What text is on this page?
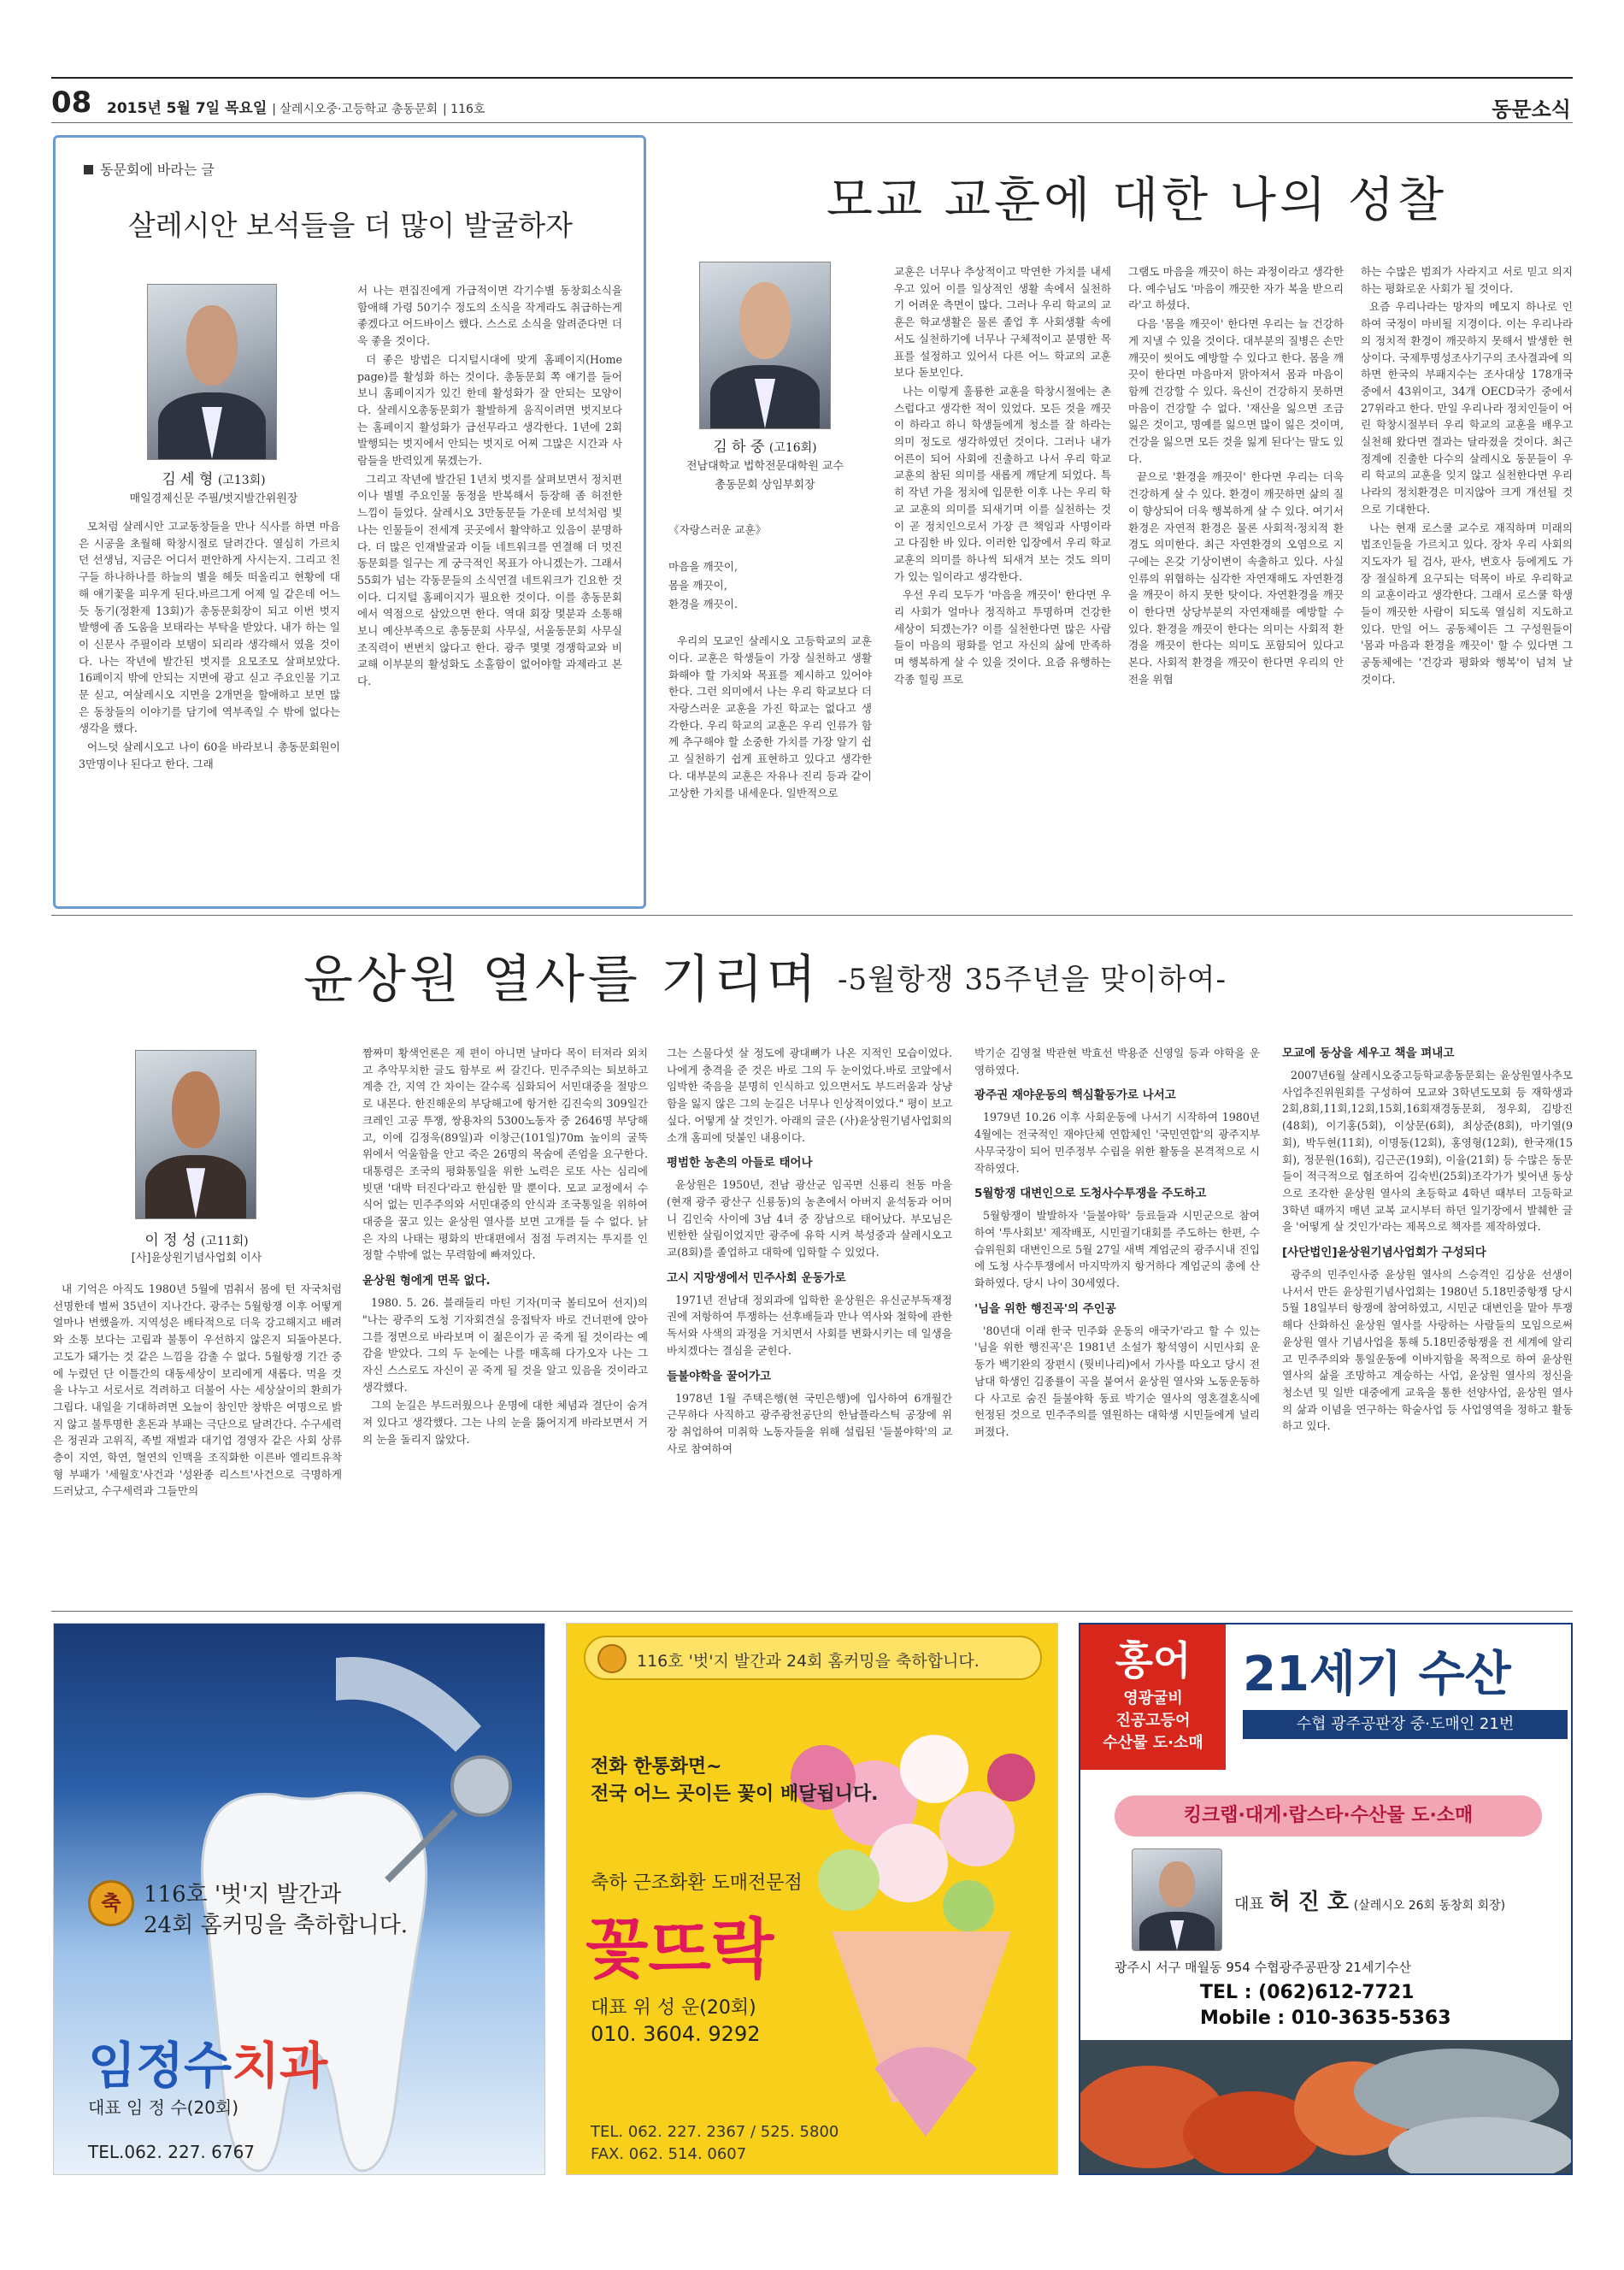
08 2015년 5월 7일 목요일 | 살레시오중·고등학교 총동문회 | 116호	동문소식
동문회에 바라는 글
살레시안 보석들을 더 많이 발굴하자
김 세 형 (고13회)
매일경제신문 주필/벗지발간위원장

모처럼 살레시안 고교동창들을 만나 식사를 하면 마음은 시공을 초월해 학창시절로 달려간다. 열심히 가르치던 선생님, 지금은 어디서 편안하게 사시는지. 그리고 친구들 하나하나를 하늘의 별을 헤듯 떠올리고 현황에 대해 얘기꽃을 피우게 된다.바르그게 어제 일 같은데 어느듯 동기(정환제 13회)가 총동문회장이 되고 이번 벗지 발행에 좀 도움을 보태라는 부탁을 받았다. 내가 하는 일이 신문사 주필이라 보탬이 되리라 생각해서 였을 것이다. 나는 작년에 발간된 벗지를 요모조모 살펴보았다. 16페이지 밖에 안되는 지면에 광고 싣고 주요인물 기고문 싣고, 여살레시오 지면을 2개면을 할애하고 보면 많은 동창들의 이야기를 담기에 역부족일 수 밖에 없다는 생각을 했다.

어느덧 살레시오고 나이 60을 바라보니 총동문회원이 3만명이나 된다고 한다. 그래

서 나는 편집진에게 가급적이면 각기수별 동창회소식을 함애해 가령 50기수 정도의 소식을 작게라도 취급하는게 좋겠다고 어드바이스 했다. 스스로 소식을 알려준다면 더욱 좋을 것이다.

더 좋은 방법은 디지털시대에 맞게 홈페이지(Home page)를 활성화 하는 것이다. 총동문회 쪽 얘기를 들어보니 홈페이지가 있긴 한데 활성화가 잘 안되는 모양이다. 살레시오총동문회가 활발하게 움직이려면 벗지보다는 홈페이지 활성화가 급선무라고 생각한다. 1년에 2회 발행되는 벗지에서 안되는 벗지로 어찌 그많은 시간과 사람들을 반력있게 묶겠는가.

그리고 작년에 발간된 1년치 벗지를 살펴보면서 정치편이나 별별 주요인물 동정을 반복해서 등장해 좀 허전한 느낌이 들었다. 살레시오 3만동문들 가운데 보석처럼 빛나는 인물들이 전세계 곳곳에서 활약하고 있음이 분명하다. 더 많은 인재발굴과 이들 네트워크를 연결해 더 멋진 동문회를 일구는 게 궁극적인 목표가 아니겠는가. 그래서 55회가 넘는 각동문들의 소식연결 네트워크가 긴요한 것이다. 디지털 홈페이지가 필요한 것이다. 이를 총동문회에서 역점으로 삼았으면 한다. 역대 회장 몇분과 소통해보니 예산부족으로 총동문회 사무실, 서울동문회 사무실 조직력이 변변치 않다고 한다. 광주 몇몇 경쟁학교와 비교해 이부분의 활성화도 소홀함이 없어야할 과제라고 본다.

모교 교훈에 대한 나의 성찰
김 하 중 (고16회)
전남대학교 법학전문대학원 교수
총동문회 상임부회장

《자랑스러운 교훈》

마음을 깨끗이,

몸을 깨끗이,

환경을 깨끗이.

우리의 모교인 살레시오 고등학교의 교훈이다. 교훈은 학생들이 가장 실천하고 생활화해야 할 가치와 목표를 제시하고 있어야 한다. 그런 의미에서 나는 우리 학교보다 더 자랑스러운 교훈을 가진 학교는 없다고 생각한다. 우리 학교의 교훈은 우리 인류가 함께 추구해야 할 소중한 가치를 가장 알기 쉽고 실천하기 쉽게 표현하고 있다고 생각한다. 대부분의 교훈은 자유나 진리 등과 같이 고상한 가치를 내세운다. 일반적으로

교훈은 너무나 추상적이고 막연한 가치를 내세우고 있어 이를 일상적인 생활 속에서 실천하기 어려운 측면이 많다. 그러나 우리 학교의 교훈은 학교생활은 물론 졸업 후 사회생활 속에서도 실천하기에 너무나 구체적이고 분명한 목표를 설정하고 있어서 다른 어느 학교의 교훈보다 돋보인다.

나는 이렇게 훌륭한 교훈을 학창시절에는 촌스럽다고 생각한 적이 있었다. 모든 것을 깨끗이 하라고 하니 학생들에게 청소를 잘 하라는 의미 정도로 생각하였던 것이다. 그러나 내가 어른이 되어 사회에 진출하고 나서 우리 학교 교훈의 참된 의미를 새롭게 깨닫게 되었다. 특히 작년 가을 정치에 입문한 이후 나는 우리 학교 교훈의 의미를 되새기며 이를 실천하는 것이 곧 정치인으로서 가장 큰 책임과 사명이라고 다짐한 바 있다. 이러한 입장에서 우리 학교 교훈의 의미를 하나씩 되새겨 보는 것도 의미가 있는 일이라고 생각한다.

우선 우리 모두가 '마음을 깨끗이' 한다면 우리 사회가 얼마나 정직하고 투명하며 건강한 세상이 되겠는가? 이를 실천한다면 많은 사람들이 마음의 평화를 얻고 자신의 삶에 만족하며 행복하게 살 수 있을 것이다. 요즘 유행하는 각종 힐링 프로

그램도 마음을 깨끗이 하는 과정이라고 생각한다. 예수님도 '마음이 깨끗한 자가 복을 받으리라'고 하셨다.

다음 '몸을 깨끗이' 한다면 우리는 늘 건강하게 지낼 수 있을 것이다. 대부분의 질병은 손만 깨끗이 씻어도 예방할 수 있다고 한다. 몸을 깨끗이 한다면 마음마저 맑아져서 몸과 마음이 함께 건강할 수 있다. 육신이 건강하지 못하면 마음이 건강할 수 없다. '재산을 잃으면 조금 잃은 것이고, 명예를 잃으면 많이 잃은 것이며, 건강을 잃으면 모든 것을 잃게 된다'는 말도 있다.

끝으로 '환경을 깨끗이' 한다면 우리는 더욱 건강하게 살 수 있다. 환경이 깨끗하면 삶의 질이 향상되어 더욱 행복하게 살 수 있다. 여기서 환경은 자연적 환경은 물론 사회적·정치적 환경도 의미한다. 최근 자연환경의 오염으로 지구에는 온갖 기상이변이 속출하고 있다. 사실 인류의 위협하는 심각한 자연재해도 자연환경을 깨끗이 하지 못한 탓이다. 자연환경을 깨끗이 한다면 상당부분의 자연재해를 예방할 수 있다. 환경을 깨끗이 한다는 의미는 사회적 환경을 깨끗이 한다는 의미도 포함되어 있다고 본다. 사회적 환경을 깨끗이 한다면 우리의 안전을 위협

하는 수많은 범죄가 사라지고 서로 믿고 의지하는 평화로운 사회가 될 것이다.

요즘 우리나라는 망자의 메모지 하나로 인하여 국정이 마비될 지경이다. 이는 우리나라의 정치적 환경이 깨끗하지 못해서 발생한 현상이다. 국제투명성조사기구의 조사결과에 의하면 한국의 부패지수는 조사대상 178개국 중에서 43위이고, 34개 OECD국가 중에서 27위라고 한다. 만일 우리나라 정치인들이 어린 학창시절부터 우리 학교의 교훈을 배우고 실천해 왔다면 결과는 달라졌을 것이다. 최근 정계에 진출한 다수의 살레시오 동문들이 우리 학교의 교훈을 잊지 않고 실천한다면 우리 나라의 정치환경은 미지않아 크게 개선될 것으로 기대한다.

나는 현재 로스쿨 교수로 재직하며 미래의 법조인들을 가르치고 있다. 장차 우리 사회의 지도자가 될 검사, 판사, 변호사 등에게도 가장 절실하게 요구되는 덕목이 바로 우리학교의 교훈이라고 생각한다. 그래서 로스쿨 학생들이 깨끗한 사람이 되도록 열심히 지도하고 있다. 만일 어느 공동체이든 그 구성원들이 '몸과 마음과 환경을 깨끗이' 할 수 있다면 그 공동체에는 '건강과 평화와 행복'이 넘쳐 날 것이다.

윤상원 열사를 기리며 -5월항쟁 35주년을 맞이하여-
이 정 성 (고11회)
[사]윤상원기념사업회 이사

내 기억은 아직도 1980년 5월에 멈춰서 몸에 턴 자국처럼 선명한데 벌써 35년이 지나간다. 광주는 5월항쟁 이후 어떻게 얼마나 변했을까. 지역성은 배타적으로 더욱 강고해지고 배려와 소통 보다는 고립과 불통이 우선하지 않은지 되돌아본다. 고도가 돼가는 것 같은 느낌을 감출 수 없다. 5월항쟁 기간 중에 누렸던 단 이틀간의 대동세상이 보리에게 새롭다. 먹을 것을 나누고 서로서로 격려하고 더불어 사는 세상살이의 환희가 그립다. 내일을 기대하려면 오늘이 참인만 창밖은 여명으로 밝지 않고 불투명한 혼돈과 부패는 극단으로 달려간다. 수구세력은 정권과 고위직, 족벌 재벌과 대기업 경영자 같은 사회 상류층이 지연, 학연, 혈연의 인맥을 조직화한 이른바 엘리트유착형 부패가 '세월호'사건과 '성완종 리스트'사건으로 극명하게 드러났고, 수구세력과 그들만의

짬짜미 황색언론은 제 편이 아니면 날마다 목이 터져라 외치고 추악무치한 글도 함부로 써 갈긴다. 민주주의는 퇴보하고 계층 간, 지역 간 차이는 갈수록 심화되어 서민대중을 절망으로 내몬다. 한진해운의 부당해고에 항거한 김진숙의 309일간 크레인 고공 투쟁, 쌍용차의 5300노동자 중 2646명 부당해고, 이에 김정욱(89일)과 이창근(101일)70m 높이의 굴뚝 위에서 억울함을 안고 죽은 26명의 목숨에 존엄을 요구한다. 대통령은 조국의 평화통일을 위한 노력은 로또 사는 심리에 빗댄 '대박 터진다'라고 한심한 말 뿐이다. 모교 교정에서 수식어 없는 민주주의와 서민대중의 안식과 조국통일을 위하여 대중을 꿈고 있는 윤상원 열사를 보면 고개를 들 수 없다. 낡은 자의 나태는 평화의 반대편에서 점점 두려지는 투지를 인정할 수밖에 없는 무력함에 빠져있다.

윤상원 형에게 면목 없다.

1980. 5. 26. 블래들리 마틴 기자(미국 볼티모어 선지)의 "나는 광주의 도청 기자회견실 응접탁자 바로 건너편에 앉아 그를 정면으로 바라보며 이 젊은이가 곧 죽게 될 것이라는 예감을 받았다. 그의 두 눈에는 나를 매혹해 다가오자 나는 그 자신 스스로도 자신이 곧 죽게 될 것을 알고 있음을 것이라고 생각했다.

그의 눈길은 부드러웠으나 운명에 대한 체념과 결단이 숨겨져 있다고 생각했다. 그는 나의 눈을 뚫어지게 바라보면서 거의 눈을 돌리지 않았다.

그는 스물다섯 살 정도에 광대뼈가 나온 지적인 모습이었다. 나에게 충격을 준 것은 바로 그의 두 눈이었다.바로 코앞에서 임박한 죽음을 분명히 인식하고 있으면서도 부드러움과 상냥함을 잃지 않은 그의 눈길은 너무나 인상적이었다." 평이 보고 싶다. 어떻게 살 것인가. 아래의 글은 (사)윤상원기념사업회의 소개 홈피에 덧붙인 내용이다.

평범한 농촌의 아들로 태어나

윤상원은 1950년, 전남 광산군 임곡면 신룡리 천동 마을 (현재 광주 광산구 신룡동)의 농촌에서 아버지 윤석동과 어머니 김인숙 사이에 3남 4녀 중 장남으로 태어났다. 부모님은 빈한한 살림이었지만 광주에 유학 시켜 북성중과 살레시오고교(8회)를 졸업하고 대학에 입학할 수 있었다.

고시 지망생에서 민주사회 운동가로

1971년 전남대 정외과에 입학한 윤상원은 유신군부독재정권에 저항하여 투쟁하는 선후배들과 만나 역사와 철학에 관한 독서와 사색의 과정을 거치면서 사회를 변화시키는 데 일생을 바치겠다는 결심을 굳힌다.

들불야학을 꿀어가고

1978년 1월 주택은행(현 국민은행)에 입사하여 6개월간 근무하다 사직하고 광주광천공단의 한남플라스틱 공장에 위장 취업하여 미취학 노동자들을 위해 설립된 '들불야학'의 교사로 참여하여

박기순 김영철 박관현 박효선 박용준 신영일 등과 야학을 운영하였다.

광주권 재야운동의 핵심활동가로 나서고

1979년 10.26 이후 사회운동에 나서기 시작하여 1980년 4월에는 전국적인 재야단체 연합체인 '국민연합'의 광주지부 사무국장이 되어 민주정부 수립을 위한 활동을 본격적으로 시작하였다.

5월항쟁 대변인으로 도청사수투쟁을 주도하고

5월항쟁이 발발하자 '들불야학' 등료들과 시민군으로 참여하여 '투사회보' 제작배포, 시민궐기대회를 주도하는 한편, 수습위원회 대변인으로 5월 27일 새벽 계엄군의 광주시내 진입에 도청 사수투쟁에서 마지막까지 항거하다 계엄군의 총에 산화하였다. 당시 나이 30세였다.

'님을 위한 행진곡'의 주인공

'80년대 이래 한국 민주화 운동의 애국가'라고 할 수 있는 '님을 위한 행진곡'은 1981년 소설가 황석영이 시민사회 운동가 백기완의 장편시 (뭣비나리)에서 가사를 따오고 당시 전남대 학생인 김종률이 곡을 붙여서 윤상원 열사와 노동운동하다 사고로 숨진 들불야학 동료 박기순 열사의 영혼결혼식에 헌정된 것으로 민주주의를 열원하는 대학생 시민들에게 널리 퍼졌다.

모교에 동상을 세우고 책을 펴내고

2007년6월 살레시오중고등학교총동문회는 윤상원열사추모사업추진위원회를 구성하여 모교와 3학년도모회 등 재학생과 2회,8회,11회,12회,15회,16회재경동문회, 정우회, 김방진(48회), 이기홍(5회), 이상문(6회), 최상준(8회), 마기열(9회), 박두현(11회), 이명동(12회), 홍영형(12회), 한국재(15회), 정문원(16회), 김근곤(19회), 이율(21회) 등 수많은 동문들이 적극적으로 협조하여 김숙빈(25회)조각가가 빛어낸 동상으로 조각한 윤상원 열사의 초등학교 4학년 때부터 고등학교 3학년 때까지 매년 교복 교시부터 하던 일기장에서 발췌한 글을 '어떻게 살 것인가'라는 제목으로 책자를 제작하였다.

[사단법인]윤상원기념사업회가 구성되다

광주의 민주인사중 윤상원 열사의 스승격인 김상윤 선생이 나서서 만든 윤상원기념사업회는 1980년 5.18민중항쟁 당시 5월 18일부터 항쟁에 참여하였고, 시민군 대변인을 맡아 투쟁해다 산화하신 윤상원 열사를 사랑하는 사람들의 모임으로써 윤상원 열사 기념사업을 통해 5.18민중항쟁을 전 세계에 알리고 민주주의와 통일운동에 이바지함을 목적으로 하여 윤상원 열사의 삶을 조망하고 계승하는 사업, 윤상원 열사의 정신을 청소년 및 일반 대중에게 교육을 통한 선양사업, 윤상원 열사의 삶과 이념을 연구하는 학술사업 등 사업영역을 정하고 활동하고 있다.

축	116호 '벗'지 발간과
24회 홈커밍을 축하합니다.
임정수치과
대표 임 정 수(20회)
TEL.062. 227. 6767
116호 '벗'지 발간과 24회 홈커밍을 축하합니다.
전화 한통화면~
전국 어느 곳이든 꽃이 배달됩니다.
축하 근조화환 도매전문점
꽃뜨락
대표 위 성 운(20회)
010. 3604. 9292
TEL. 062. 227. 2367 / 525. 5800
FAX. 062. 514. 0607
홍어
영광굴비
진공고등어
수산물 도·소매
21세기 수산
수협 광주공판장 중·도매인 21번
킹크랩·대게·랍스타·수산물 도·소매
대표 허 진 호 (살레시오 26회 동창회 회장)
광주시 서구 매월동 954 수협광주공판장 21세기수산
TEL : (062)612-7721
Mobile : 010-3635-5363
